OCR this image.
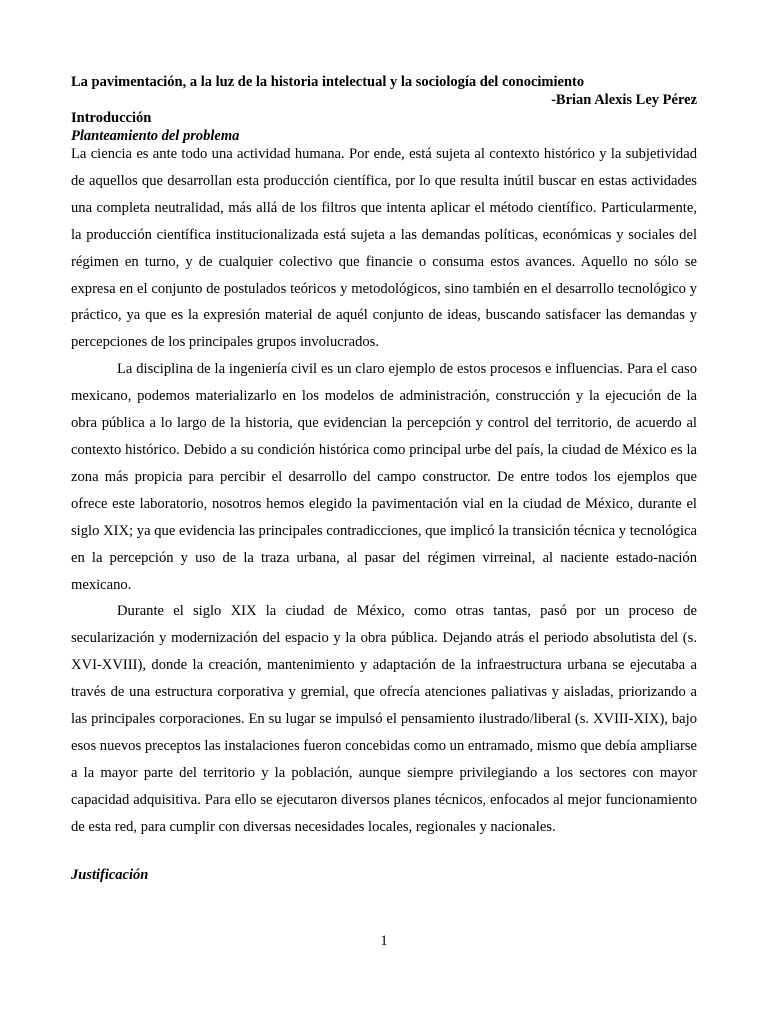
La pavimentación, a la luz de la historia intelectual y la sociología del conocimiento
-Brian Alexis Ley Pérez
Introducción
Planteamiento del problema

La ciencia es ante todo una actividad humana. Por ende, está sujeta al contexto histórico y la subjetividad de aquellos que desarrollan esta producción científica, por lo que resulta inútil buscar en estas actividades una completa neutralidad, más allá de los filtros que intenta aplicar el método científico. Particularmente, la producción científica institucionalizada está sujeta a las demandas políticas, económicas y sociales del régimen en turno, y de cualquier colectivo que financie o consuma estos avances. Aquello no sólo se expresa en el conjunto de postulados teóricos y metodológicos, sino también en el desarrollo tecnológico y práctico, ya que es la expresión material de aquél conjunto de ideas, buscando satisfacer las demandas y percepciones de los principales grupos involucrados.

La disciplina de la ingeniería civil es un claro ejemplo de estos procesos e influencias. Para el caso mexicano, podemos materializarlo en los modelos de administración, construcción y la ejecución de la obra pública a lo largo de la historia, que evidencian la percepción y control del territorio, de acuerdo al contexto histórico. Debido a su condición histórica como principal urbe del país, la ciudad de México es la zona más propicia para percibir el desarrollo del campo constructor. De entre todos los ejemplos que ofrece este laboratorio, nosotros hemos elegido la pavimentación vial en la ciudad de México, durante el siglo XIX; ya que evidencia las principales contradicciones, que implicó la transición técnica y tecnológica en la percepción y uso de la traza urbana, al pasar del régimen virreinal, al naciente estado-nación mexicano.

Durante el siglo XIX la ciudad de México, como otras tantas, pasó por un proceso de secularización y modernización del espacio y la obra pública. Dejando atrás el periodo absolutista del (s. XVI-XVIII), donde la creación, mantenimiento y adaptación de la infraestructura urbana se ejecutaba a través de una estructura corporativa y gremial, que ofrecía atenciones paliativas y aisladas, priorizando a las principales corporaciones. En su lugar se impulsó el pensamiento ilustrado/liberal (s. XVIII-XIX), bajo esos nuevos preceptos las instalaciones fueron concebidas como un entramado, mismo que debía ampliarse a la mayor parte del territorio y la población, aunque siempre privilegiando a los sectores con mayor capacidad adquisitiva. Para ello se ejecutaron diversos planes técnicos, enfocados al mejor funcionamiento de esta red, para cumplir con diversas necesidades locales, regionales y nacionales.

Justificación
1
